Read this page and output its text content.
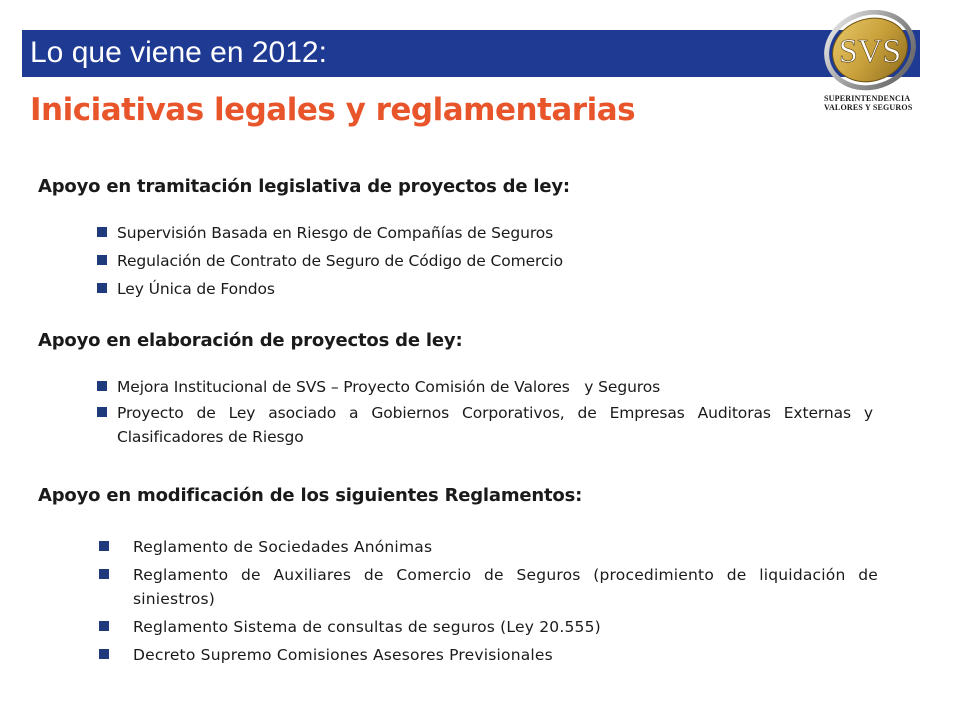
Lo que viene en 2012:	SVS
SUPERINTENDENCIA
VALORES Y SEGUROS
Iniciativas legales y reglamentarias
Apoyo en tramitación legislativa de proyectos de ley:
Supervisión Basada en Riesgo de Compañías de Seguros
Regulación de Contrato de Seguro de Código de Comercio
Ley Única de Fondos
Apoyo en elaboración de proyectos de ley:
Mejora Institucional de SVS – Proyecto Comisión de Valores   y Seguros
Proyecto de Ley asociado a Gobiernos Corporativos, de Empresas Auditoras Externas y Clasificadores de Riesgo
Apoyo en modificación de los siguientes Reglamentos:
Reglamento de Sociedades Anónimas
Reglamento de Auxiliares de Comercio de Seguros (procedimiento de liquidación de siniestros)
Reglamento Sistema de consultas de seguros (Ley 20.555)
Decreto Supremo Comisiones Asesores Previsionales
